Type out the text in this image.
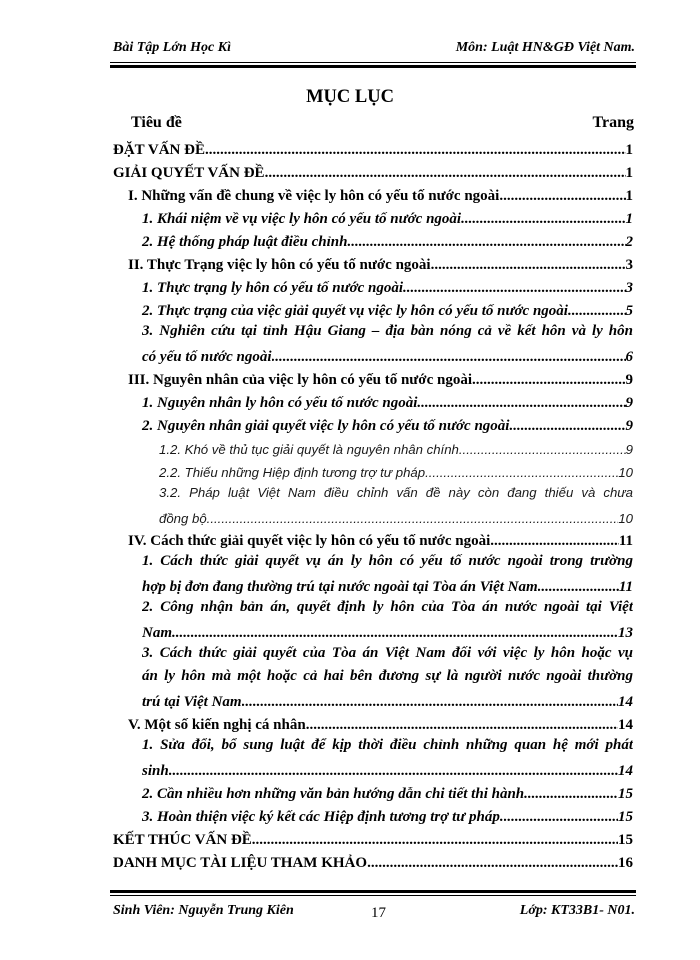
Bài Tập Lớn Học Kì	Môn: Luật HN&GĐ Việt Nam.
MỤC LỤC
Tiêu đề	Trang
ĐẶT VẤN ĐỀ .....	1
GIẢI QUYẾT VẤN ĐỀ .....	1
I. Những vấn đề chung về việc ly hôn có yếu tố nước ngoài .....	1
1. Khái niệm về vụ việc ly hôn có yếu tố nước ngoài .....	1
2. Hệ thống pháp luật điều chỉnh .....	2
II. Thực Trạng việc ly hôn có yếu tố nước ngoài .....	3
1. Thực trạng ly hôn có yếu tố nước ngoài .....	3
2. Thực trạng của việc giải quyết vụ việc ly hôn có yếu tố nước ngoài .....	5
3. Nghiên cứu tại tỉnh Hậu Giang – địa bàn nóng cả về kết hôn và ly hôn
có yếu tố nước ngoài .....	6
III. Nguyên nhân của việc ly hôn có yếu tố nước ngoài .....	9
1. Nguyên nhân ly hôn có yếu tố nước ngoài .....	9
2. Nguyên nhân giải quyết việc ly hôn có yếu tố nước ngoài .....	9
1.2. Khó về thủ tục giải quyết là nguyên nhân chính .....	9
2.2. Thiếu những Hiệp định tương trợ tư pháp .....	10
3.2. Pháp luật Việt Nam điều chỉnh vấn đề này còn đang thiếu và chưa
đồng bộ .....	10
IV. Cách thức giải quyết việc ly hôn có yếu tố nước ngoài .....	11
1. Cách thức giải quyết vụ án ly hôn có yếu tố nước ngoài trong trường
hợp bị đơn đang thường trú tại nước ngoài tại Tòa án Việt Nam .....	11
2. Công nhận bản án, quyết định ly hôn của Tòa án nước ngoài tại Việt
Nam .....	13
3. Cách thức giải quyết của Tòa án Việt Nam đối với việc ly hôn hoặc vụ
án ly hôn mà một hoặc cả hai bên đương sự là người nước ngoài thường
trú tại Việt Nam .....	14
V. Một số kiến nghị cá nhân .....	14
1. Sửa đổi, bổ sung luật để kịp thời điều chỉnh những quan hệ mới phát
sinh .....	14
2. Cần nhiều hơn những văn bản hướng dẫn chi tiết thi hành .....	15
3. Hoàn thiện việc ký kết các Hiệp định tương trợ tư pháp. .....	15
KẾT THÚC VẤN ĐỀ .....	15
DANH MỤC TÀI LIỆU THAM KHẢO .....	16
Sinh Viên: Nguyễn Trung Kiên	17	Lớp: KT33B1- N01.
